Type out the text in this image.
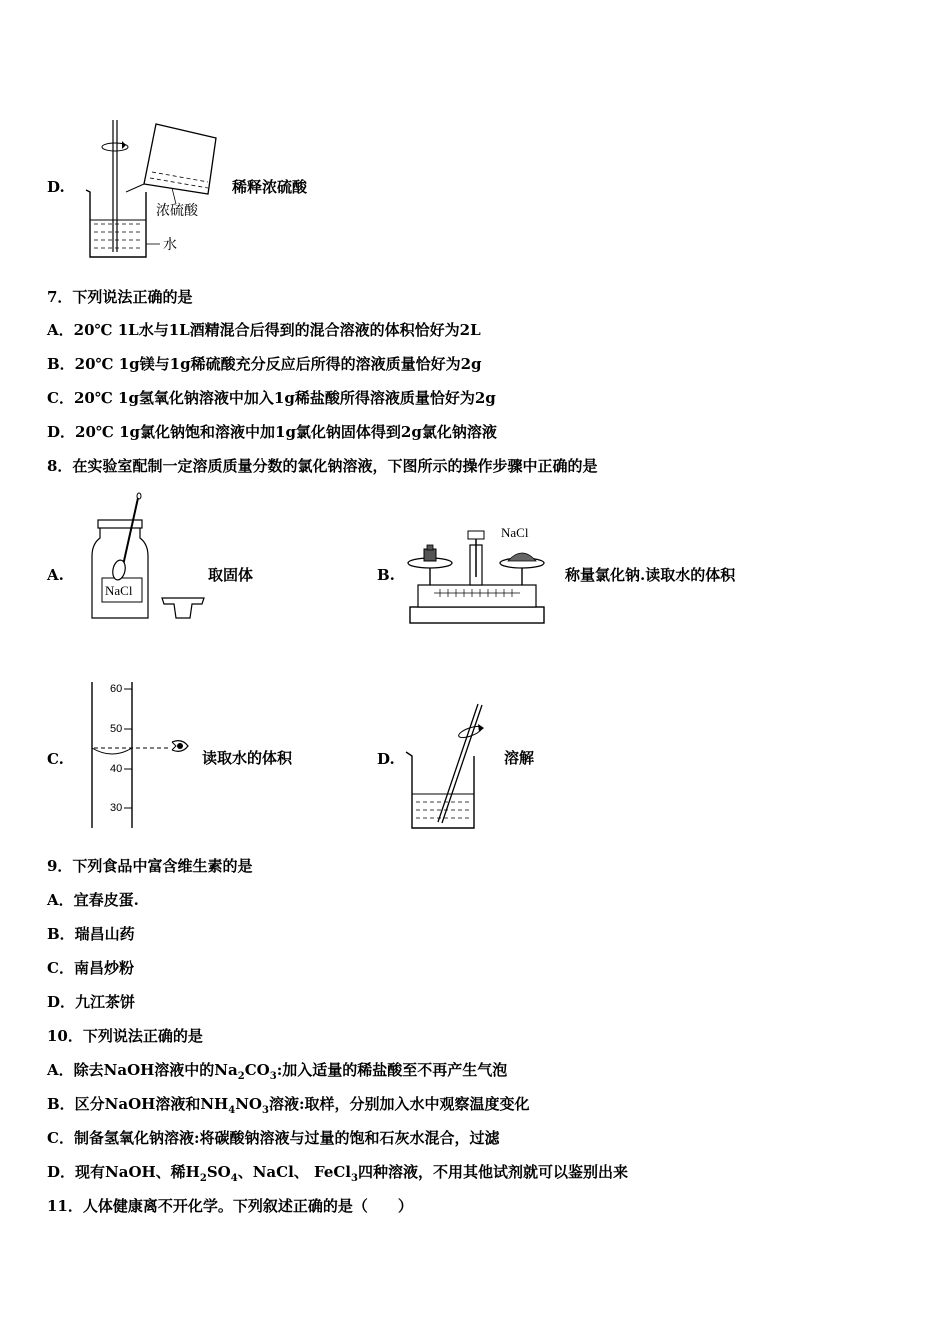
D.
浓硫酸
水
稀释浓硫酸
7．下列说法正确的是
A．20℃ 1L水与1L酒精混合后得到的混合溶液的体积恰好为2L
B．20℃ 1g镁与1g稀硫酸充分反应后所得的溶液质量恰好为2g
C．20℃ 1g氢氧化钠溶液中加入1g稀盐酸所得溶液质量恰好为2g
D．20℃ 1g氯化钠饱和溶液中加1g氯化钠固体得到2g氯化钠溶液
8．在实验室配制一定溶质质量分数的氯化钠溶液，下图所示的操作步骤中正确的是
A.
NaCl
取固体	B.
NaCl
称量氯化钠.读取水的体积
C.
60
50
40
30
读取水的体积	D.	溶解
9．下列食品中富含维生素的是
A．宜春皮蛋.
B．瑞昌山药
C．南昌炒粉
D．九江茶饼
10．下列说法正确的是
A．除去NaOH溶液中的$Na_2CO_3$:加入适量的稀盐酸至不再产生气泡
B．区分NaOH溶液和$NH_4NO_3$溶液:取样，分别加入水中观察温度变化
C．制备氢氧化钠溶液:将碳酸钠溶液与过量的饱和石灰水混合，过滤
D．现有NaOH、稀$H_2SO_4$、NaCl、 FeCl$_3$四种溶液，不用其他试剂就可以鉴别出来
11．人体健康离不开化学。下列叙述正确的是（　　）
